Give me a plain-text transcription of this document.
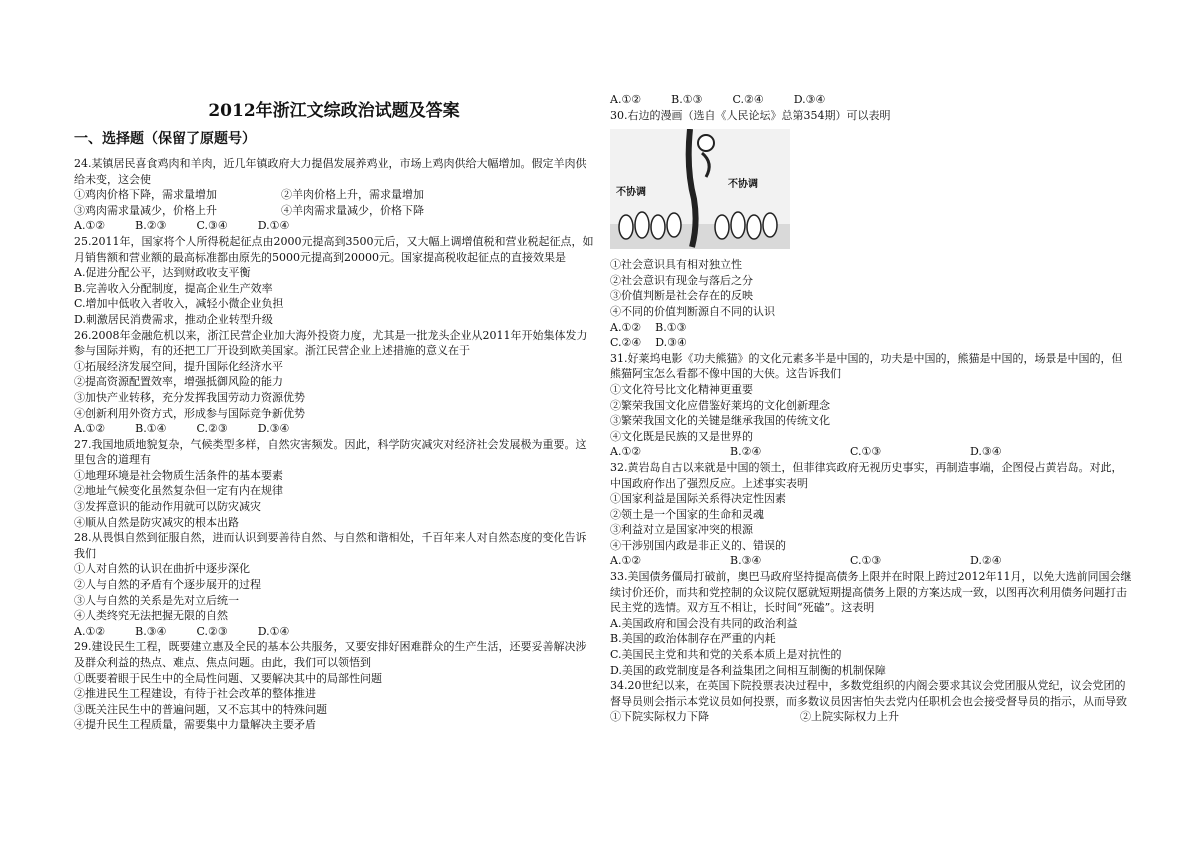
2012年浙江文综政治试题及答案
一、选择题（保留了原题号）
24.某镇居民喜食鸡肉和羊肉，近几年镇政府大力提倡发展养鸡业，市场上鸡肉供给大幅增加。假定羊肉供给未变，这会使
①鸡肉价格下降，需求量增加	②羊肉价格上升，需求量增加
③鸡肉需求量减少，价格上升	④羊肉需求量减少，价格下降
A.①②	B.②③	C.③④	D.①④
25.2011年，国家将个人所得税起征点由2000元提高到3500元后，又大幅上调增值税和营业税起征点，如月销售额和营业额的最高标准都由原先的5000元提高到20000元。国家提高税收起征点的直接效果是
A.促进分配公平，达到财政收支平衡
B.完善收入分配制度，提高企业生产效率
C.增加中低收入者收入，减轻小微企业负担
D.刺激居民消费需求，推动企业转型升级
26.2008年金融危机以来，浙江民营企业加大海外投资力度，尤其是一批龙头企业从2011年开始集体发力参与国际并购，有的还把工厂开设到欧美国家。浙江民营企业上述措施的意义在于
①拓展经济发展空间，提升国际化经济水平
②提高资源配置效率，增强抵御风险的能力
③加快产业转移，充分发挥我国劳动力资源优势
④创新利用外资方式，形成参与国际竞争新优势
A.①②	B.①④	C.②③	D.③④
27.我国地质地貌复杂，气候类型多样，自然灾害频发。因此，科学防灾减灾对经济社会发展极为重要。这里包含的道理有
①地理环境是社会物质生活条件的基本要素
②地址气候变化虽然复杂但一定有内在规律
③发挥意识的能动作用就可以防灾减灾
④顺从自然是防灾减灾的根本出路
28.从畏惧自然到征服自然，进而认识到要善待自然、与自然和谐相处，千百年来人对自然态度的变化告诉我们
①人对自然的认识在曲折中逐步深化
②人与自然的矛盾有个逐步展开的过程
③人与自然的关系是先对立后统一
④人类终究无法把握无限的自然
A.①②	B.③④	C.②③	D.①④
29.建设民生工程，既要建立惠及全民的基本公共服务，又要安排好困难群众的生产生活，还要妥善解决涉及群众利益的热点、难点、焦点问题。由此，我们可以领悟到
①既要着眼于民生中的全局性问题、又要解决其中的局部性问题
②推进民生工程建设，有待于社会改革的整体推进
③既关注民生中的普遍问题，又不忘其中的特殊问题
④提升民生工程质量，需要集中力量解决主要矛盾
A.①②	B.①③	C.②④	D.③④
30.右边的漫画（选自《人民论坛》总第354期）可以表明
不协调
不协调
①社会意识具有相对独立性
②社会意识有现金与落后之分
③价值判断是社会存在的反映
④不同的价值判断源自不同的认识
A.①② B.①③
C.②④ D.③④
31.好莱坞电影《功夫熊猫》的文化元素多半是中国的，功夫是中国的，熊猫是中国的，场景是中国的，但熊猫阿宝怎么看都不像中国的大侠。这告诉我们
①文化符号比文化精神更重要
②繁荣我国文化应借鉴好莱坞的文化创新理念
③繁荣我国文化的关键是继承我国的传统文化
④文化既是民族的又是世界的
A.①②	B.②④	C.①③	D.③④
32.黄岩岛自古以来就是中国的领土，但菲律宾政府无视历史事实，再制造事端，企图侵占黄岩岛。对此，中国政府作出了强烈反应。上述事实表明
①国家利益是国际关系得决定性因素
②领土是一个国家的生命和灵魂
③利益对立是国家冲突的根源
④干涉别国内政是非正义的、错误的
A.①②	B.③④	C.①③	D.②④
33.美国债务僵局打破前，奥巴马政府坚持提高债务上限并在时限上跨过2012年11月，以免大选前同国会继续讨价还价，而共和党控制的众议院仅愿就短期提高债务上限的方案达成一致，以图再次利用债务问题打击民主党的选情。双方互不相让，长时间“死磕”。这表明
A.美国政府和国会没有共同的政治利益
B.美国的政治体制存在严重的内耗
C.美国民主党和共和党的关系本质上是对抗性的
D.美国的政党制度是各利益集团之间相互制衡的机制保障
34.20世纪以来，在英国下院投票表决过程中，多数党组织的内阁会要求其议会党团服从党纪，议会党团的督导员则会指示本党议员如何投票，而多数议员因害怕失去党内任职机会也会接受督导员的指示，从而导致
①下院实际权力下降	②上院实际权力上升
